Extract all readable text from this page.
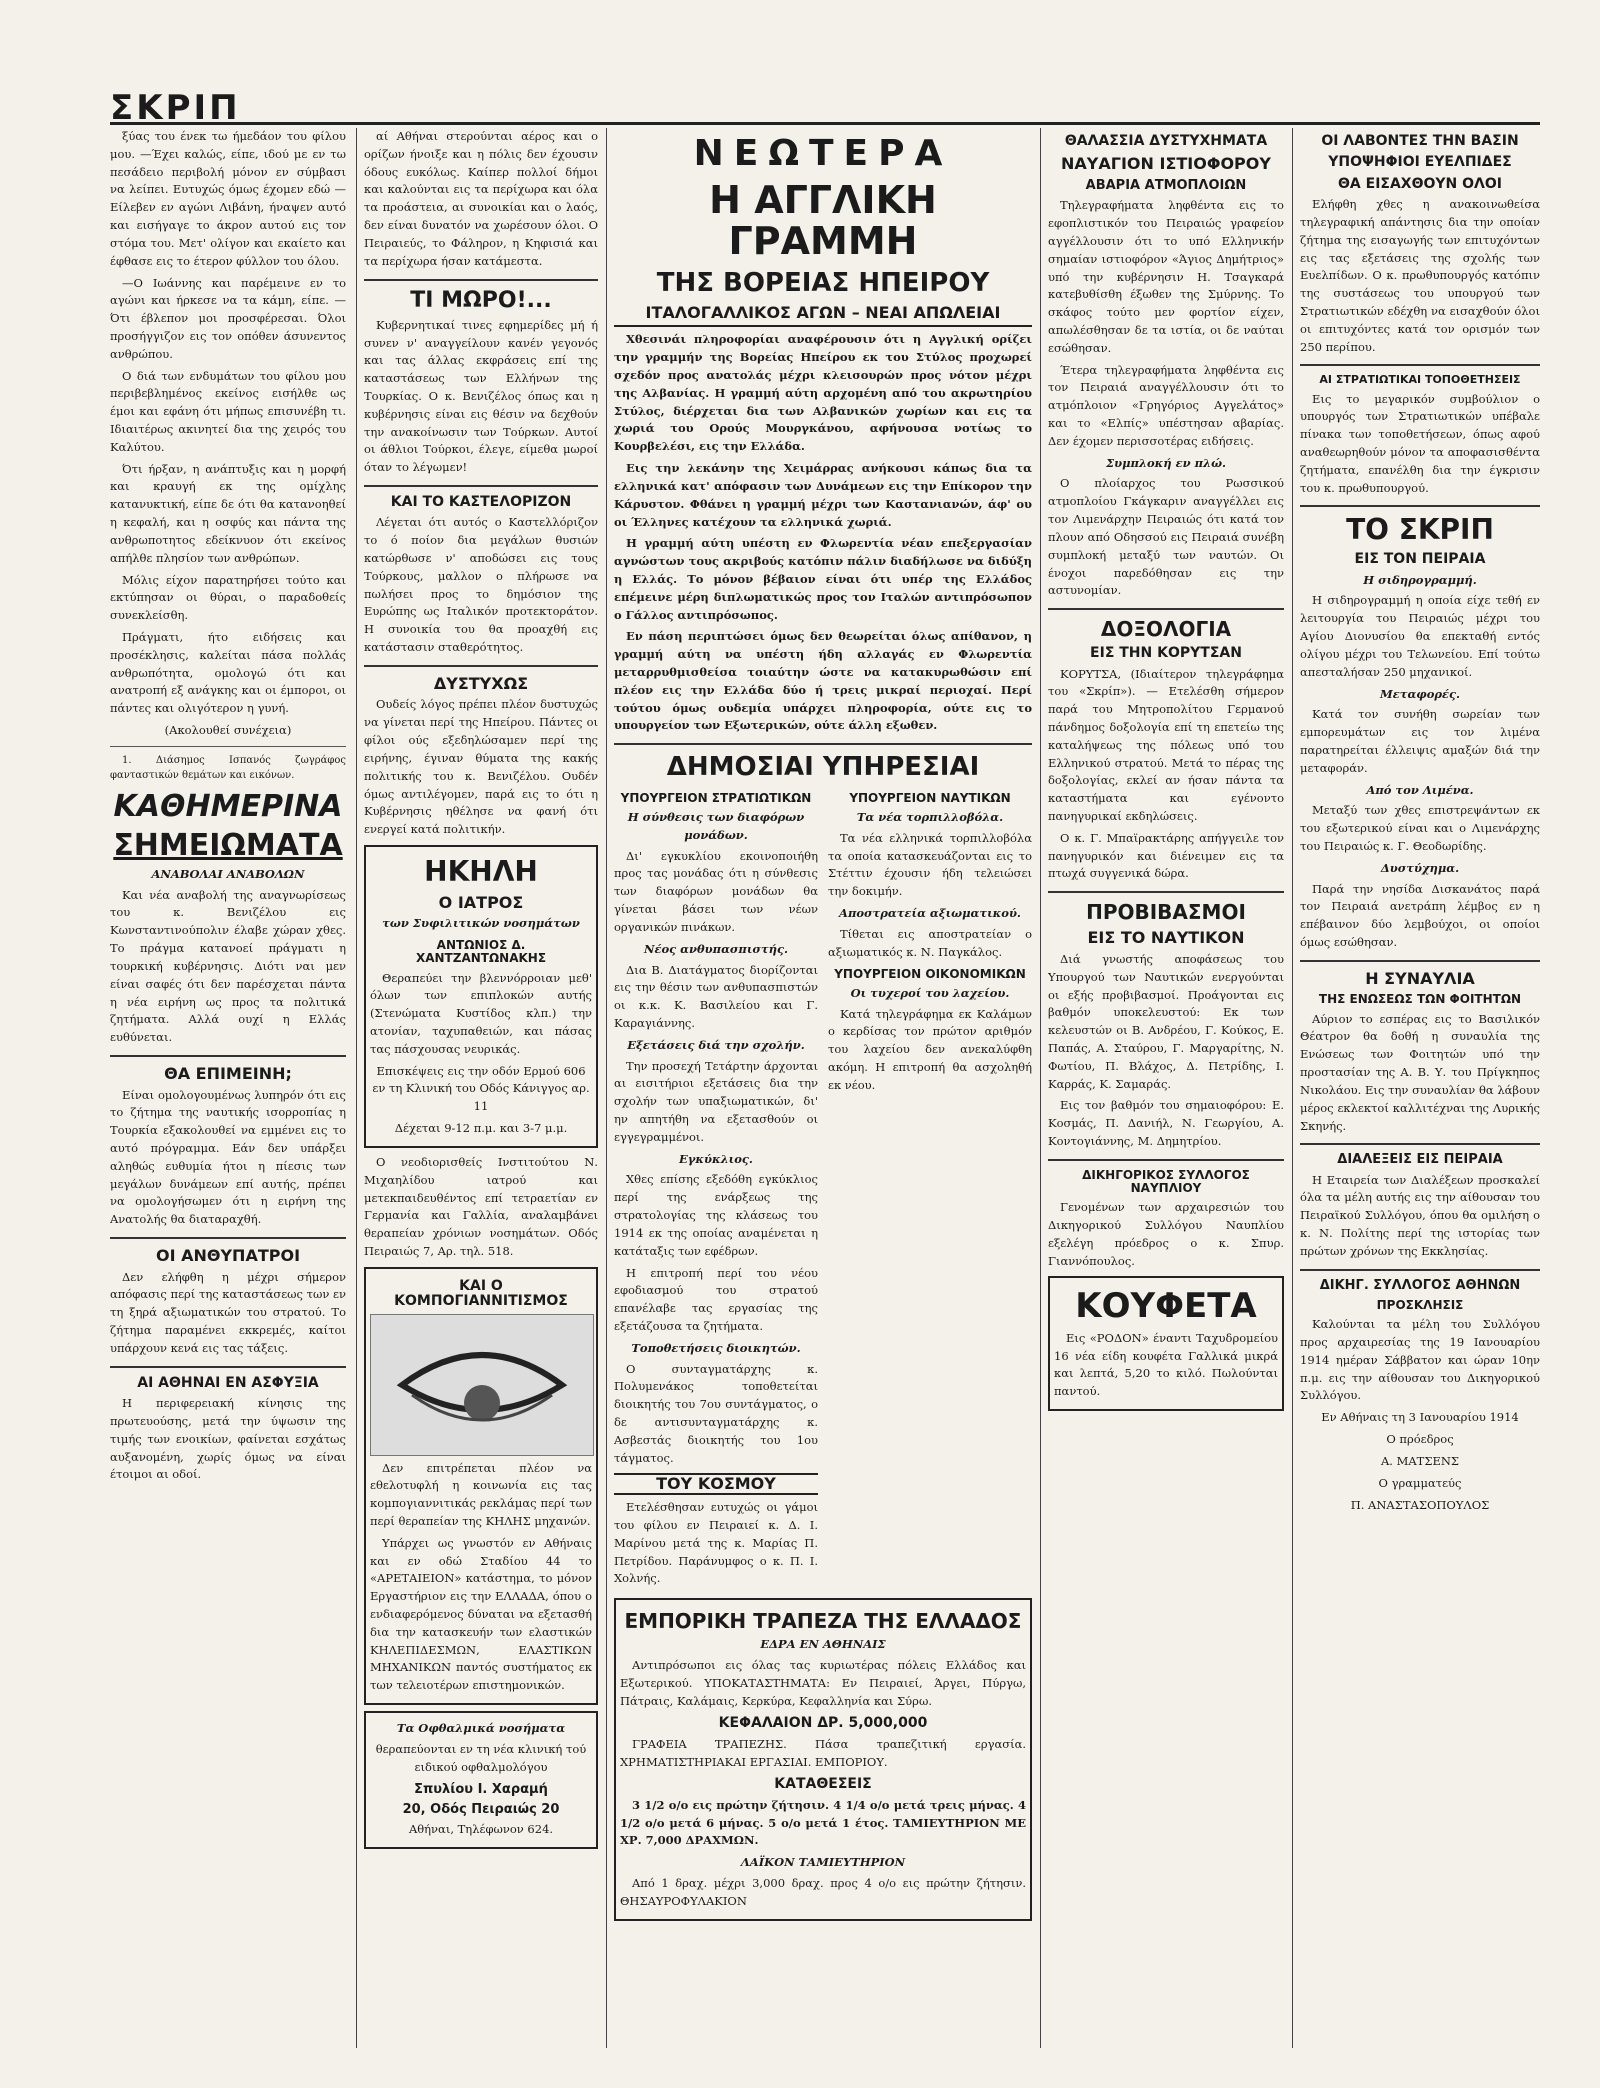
ΣΚΡΙΠ

ξύας του ένεκ τω ήμεδάον του φίλου μου. —Έχει καλώς, είπε, ιδού με εν τω πεσάδειο περιβολή μόνον εν σύμβασι να λείπει. Ευτυχώς όμως έχομεν εδώ — Είλεβεν εν αγώνι Λιβάνη, ήναψεν αυτό και εισήγαγε το άκρον αυτού εις τον στόμα του. Μετ' ολίγον και εκαίετο και έφθασε εις το έτερον φύλλον του όλου.

—Ο Ιωάννης και παρέμεινε εν το αγώνι και ήρκεσε να τα κάμη, είπε. —Ότι έβλεπον μοι προσφέρεσαι. Όλοι προσήγγιζον εις τον οπόθεν άσυνεντος ανθρώπου.

Ο διά των ενδυμάτων του φίλου μου περιβεβλημένος εκείνος εισήλθε ως έμοι και εφάνη ότι μήπως επισυνέβη τι. Ιδιαιτέρως ακινητεί δια της χειρός του Καλύτου.

Ότι ήρξαν, η ανάπτυξις και η μορφή και κραυγή εκ της ομίχλης κατανυκτική, είπε δε ότι θα κατανοηθεί η κεφαλή, και η οσφύς και πάντα της ανθρωποτητος εδείκνυον ότι εκείνος απήλθε πλησίον των ανθρώπων.

Μόλις είχον παρατηρήσει τούτο και εκτύπησαν οι θύραι, ο παραδοθείς συνεκλείσθη.

Πράγματι, ήτο ειδήσεις και προσέκλησις, καλείται πάσα πολλάς ανθρωπότητα, ομολογώ ότι και ανατροπή εξ ανάγκης και οι έμποροι, οι πάντες και ολιγότερον η γυνή.

(Ακολουθεί συνέχεια)

1. Διάσημος Ισπανός ζωγράφος φανταστικών θεμάτων και εικόνων.

ΚΑΘΗΜΕΡΙΝΑ
ΣΗΜΕΙΩΜΑΤΑ
ΑΝΑΒΟΛΑΙ ΑΝΑΒΟΛΩΝ

Και νέα αναβολή της αναγνωρίσεως του κ. Βενιζέλου εις Κωνσταντινούπολιν έλαβε χώραν χθες. Το πράγμα κατανοεί πράγματι η τουρκική κυβέρνησις. Διότι ναι μεν είναι σαφές ότι δεν παρέσχεται πάντα η νέα ειρήνη ως προς τα πολιτικά ζητήματα. Αλλά ουχί η Ελλάς ευθύνεται.

ΘΑ ΕΠΙΜΕΙΝΗ;

Είναι ομολογουμένως λυπηρόν ότι εις το ζήτημα της ναυτικής ισορροπίας η Τουρκία εξακολουθεί να εμμένει εις το αυτό πρόγραμμα. Εάν δεν υπάρξει αληθώς ευθυμία ήτοι η πίεσις των μεγάλων δυνάμεων επί αυτής, πρέπει να ομολογήσωμεν ότι η ειρήνη της Ανατολής θα διαταραχθή.

ΟΙ ΑΝΘΥΠΑΤΡΟΙ

Δεν ελήφθη η μέχρι σήμερον απόφασις περί της καταστάσεως των εν τη ξηρά αξιωματικών του στρατού. Το ζήτημα παραμένει εκκρεμές, καίτοι υπάρχουν κενά εις τας τάξεις.

ΑΙ ΑΘΗΝΑΙ ΕΝ ΑΣΦΥΞΙΑ

Η περιφερειακή κίνησις της πρωτευούσης, μετά την ύψωσιν της τιμής των ενοικίων, φαίνεται εσχάτως αυξανομένη, χωρίς όμως να είναι έτοιμοι αι οδοί.

αί Αθήναι στερούνται αέρος και ο ορίζων ήνοιξε και η πόλις δεν έχουσιν όδους ευκόλως. Καίπερ πολλοί δήμοι και καλούνται εις τα περίχωρα και όλα τα προάστεια, αι συνοικίαι και ο λαός, δεν είναι δυνατόν να χωρέσουν όλοι. Ο Πειραιεύς, το Φάληρον, η Κηφισιά και τα περίχωρα ήσαν κατάμεστα.

ΤΙ ΜΩΡΟ!...

Κυβερνητικαί τινες εφημερίδες μή ή συνεν ν' αναγγείλουν κανέν γεγονός και τας άλλας εκφράσεις επί της καταστάσεως των Ελλήνων της Τουρκίας. Ο κ. Βενιζέλος όπως και η κυβέρνησις είναι εις θέσιν να δεχθούν την ανακοίνωσιν των Τούρκων. Αυτοί οι άθλιοι Τούρκοι, έλεγε, είμεθα μωροί όταν το λέγωμεν!

ΚΑΙ ΤΟ ΚΑΣΤΕΛΟΡΙΖΟΝ

Λέγεται ότι αυτός ο Καστελλόριζον το ό ποίον δια μεγάλων θυσιών κατώρθωσε ν' αποδώσει εις τους Τούρκους, μαλλον ο πλήρωσε να πωλήσει προς το δημόσιον της Ευρώπης ως Ιταλικόν προτεκτοράτον. Η συνοικία του θα προαχθή εις κατάστασιν σταθερότητος.

ΔΥΣΤΥΧΩΣ

Ουδείς λόγος πρέπει πλέον δυστυχώς να γίνεται περί της Ηπείρου. Πάντες οι φίλοι ούς εξεδηλώσαμεν περί της ειρήνης, έγιναν θύματα της κακής πολιτικής του κ. Βενιζέλου. Ουδέν όμως αντιλέγομεν, παρά εις το ότι η Κυβέρνησις ηθέλησε να φανή ότι ενεργεί κατά πολιτικήν.

ΗΚΗΛΗ
Ο ΙΑΤΡΟΣ
των Συφιλιτικών νοσημάτων
ΑΝΤΩΝΙΟΣ Δ. ΧΑΝΤΖΑΝΤΩΝΑΚΗΣ

Θεραπεύει την βλεννόρροιαν μεθ' όλων των επιπλοκών αυτής (Στενώματα Κυστίδος κλπ.) την ατονίαν, ταχυπαθειών, και πάσας τας πάσχουσας νευρικάς.

Επισκέψεις εις την οδόν Ερμού 606 εν τη Κλινική του Οδός Κάνιγγος αρ. 11

Δέχεται 9-12 π.μ. και 3-7 μ.μ.

Ο νεοδιορισθείς Ινστιτούτου Ν. Μιχαηλίδου ιατρού και μετεκπαιδευθέντος επί τετραετίαν εν Γερμανία και Γαλλία, αναλαμβάνει θεραπείαν χρόνιων νοσημάτων. Οδός Πειραιώς 7, Αρ. τηλ. 518.

ΚΑΙ Ο ΚΟΜΠΟΓΙΑΝΝΙΤΙΣΜΟΣ

Δεν επιτρέπεται πλέον να εθελοτυφλή η κοινωνία εις τας κομπογιαννιτικάς ρεκλάμας περί των περί θεραπείαν της ΚΗΛΗΣ μηχανών.

Υπάρχει ως γνωστόν εν Αθήναις και εν οδώ Σταδίου 44 το «ΑΡΕΤΑΙΕΙΟΝ» κατάστημα, το μόνον Εργαστήριον εις την ΕΛΛΑΔΑ, όπου ο ενδιαφερόμενος δύναται να εξετασθή δια την κατασκευήν των ελαστικών ΚΗΛΕΠΙΔΕΣΜΩΝ, ΕΛΑΣΤΙΚΩΝ ΜΗΧΑΝΙΚΩΝ παντός συστήματος εκ των τελειοτέρων επιστημονικών.

Τα Οφθαλμικά νοσήματα

θεραπεύονται εν τη νέα κλινική τού ειδικού οφθαλμολόγου

Σπυλίου Ι. Χαραμή
20, Οδός Πειραιώς 20

Αθήναι, Τηλέφωνον 624.

ΝΕΩΤΕΡΑ
Η ΑΓΓΛΙΚΗ ΓΡΑΜΜΗ
ΤΗΣ ΒΟΡΕΙΑΣ ΗΠΕΙΡΟΥ
ΙΤΑΛΟΓΑΛΛΙΚΟΣ ΑΓΩΝ – ΝΕΑΙ ΑΠΩΛΕΙΑΙ

Χθεσινάι πληροφορίαι αναφέρουσιν ότι η Αγγλική ορίζει την γραμμήν της Βορείας Ηπείρου εκ του Στύλος προχωρεί σχεδόν προς ανατολάς μέχρι κλεισουρών προς νότον μέχρι της Αλβανίας. Η γραμμή αύτη αρχομένη από του ακρωτηρίου Στύλος, διέρχεται δια των Αλβανικών χωρίων και εις τα χωριά του Ορούς Μουργκάνου, αφήνουσα νοτίως το Κουρβελέσι, εις την Ελλάδα.

Εις την λεκάνην της Χειμάρρας ανήκουσι κάπως δια τα ελληνικά κατ' απόφασιν των Δυνάμεων εις την Επίκορον την Κάρυστον. Φθάνει η γραμμή μέχρι των Καστανιανών, άφ' ου οι Έλληνες κατέχουν τα ελληνικά χωριά.

Η γραμμή αύτη υπέστη εν Φλωρεντία νέαν επεξεργασίαν αγνώστων τους ακριβούς κατόπιν πάλιν διαδήλωσε να διδύξη η Ελλάς. Το μόνον βέβαιον είναι ότι υπέρ της Ελλάδος επέμεινε μέρη διπλωματικώς προς τον Ιταλών αντιπρόσωπον ο Γάλλος αντιπρόσωπος.

Εν πάση περιπτώσει όμως δεν θεωρείται όλως απίθανον, η γραμμή αύτη να υπέστη ήδη αλλαγάς εν Φλωρεντία μεταρρυθμισθείσα τοιαύτην ώστε να κατακυρωθώσιν επί πλέον εις την Ελλάδα δύο ή τρεις μικραί περιοχαί. Περί τούτου όμως ουδεμία υπάρχει πληροφορία, ούτε εις το υπουργείον των Εξωτερικών, ούτε άλλη εξωθεν.

ΔΗΜΟΣΙΑΙ ΥΠΗΡΕΣΙΑΙ
ΥΠΟΥΡΓΕΙΟΝ ΣΤΡΑΤΙΩΤΙΚΩΝ
Η σύνθεσις των διαφόρων μονάδων.

Δι' εγκυκλίου εκοινοποιήθη προς τας μονάδας ότι η σύνθεσις των διαφόρων μονάδων θα γίνεται βάσει των νέων οργανικών πινάκων.

Νέος ανθυπασπιστής.

Δια Β. Διατάγματος διορίζονται εις την θέσιν των ανθυπασπιστών οι κ.κ. Κ. Βασιλείου και Γ. Καραγιάννης.

Εξετάσεις διά την σχολήν.

Την προσεχή Τετάρτην άρχονται αι εισιτήριοι εξετάσεις δια την σχολήν των υπαξιωματικών, δι' ην απητήθη να εξετασθούν οι εγγεγραμμένοι.

Εγκύκλιος.

Χθες επίσης εξεδόθη εγκύκλιος περί της ενάρξεως της στρατολογίας της κλάσεως του 1914 εκ της οποίας αναμένεται η κατάταξις των εφέδρων.

Η επιτροπή περί του νέου εφοδιασμού του στρατού επανέλαβε τας εργασίας της εξετάζουσα τα ζητήματα.

Τοποθετήσεις διοικητών.

Ο συνταγματάρχης κ. Πολυμενάκος τοποθετείται διοικητής του 7ου συντάγματος, ο δε αντισυνταγματάρχης κ. Ασβεστάς διοικητής του 1ου τάγματος.

ΤΟΥ ΚΟΣΜΟΥ

Ετελέσθησαν ευτυχώς οι γάμοι του φίλου εν Πειραιεί κ. Δ. Ι. Μαρίνου μετά της κ. Μαρίας Π. Πετρίδου. Παράνυμφος ο κ. Π. Ι. Χολνής.

ΥΠΟΥΡΓΕΙΟΝ ΝΑΥΤΙΚΩΝ
Τα νέα τορπιλλοβόλα.

Τα νέα ελληνικά τορπιλλοβόλα τα οποία κατασκευάζονται εις το Στέττιν έχουσιν ήδη τελειώσει την δοκιμήν.

Αποστρατεία αξιωματικού.

Τίθεται εις αποστρατείαν ο αξιωματικός κ. Ν. Παγκάλος.

ΥΠΟΥΡΓΕΙΟΝ ΟΙΚΟΝΟΜΙΚΩΝ
Οι τυχεροί του λαχείου.

Κατά τηλεγράφημα εκ Καλάμων ο κερδίσας τον πρώτον αριθμόν του λαχείου δεν ανεκαλύφθη ακόμη. Η επιτροπή θα ασχοληθή εκ νέου.

ΕΜΠΟΡΙΚΗ ΤΡΑΠΕΖΑ ΤΗΣ ΕΛΛΑΔΟΣ
ΕΔΡΑ ΕΝ ΑΘΗΝΑΙΣ

Αντιπρόσωποι εις όλας τας κυριωτέρας πόλεις Ελλάδος και Εξωτερικού. ΥΠΟΚΑΤΑΣΤΗΜΑΤΑ: Εν Πειραιεί, Άργει, Πύργω, Πάτραις, Καλάμαις, Κερκύρα, Κεφαλληνία και Σύρω.

ΚΕΦΑΛΑΙΟΝ ΔΡ. 5,000,000

ΓΡΑΦΕΙΑ ΤΡΑΠΕΖΗΣ. Πάσα τραπεζιτική εργασία. ΧΡΗΜΑΤΙΣΤΗΡΙΑΚΑΙ ΕΡΓΑΣΙΑΙ. ΕΜΠΟΡΙΟΥ.

ΚΑΤΑΘΕΣΕΙΣ

3 1/2 ο/ο εις πρώτην ζήτησιν. 4 1/4 ο/ο μετά τρεις μήνας. 4 1/2 ο/ο μετά 6 μήνας. 5 ο/ο μετά 1 έτος. ΤΑΜΙΕΥΤΗΡΙΟΝ ΜΕ ΧΡ. 7,000 ΔΡΑΧΜΩΝ.

ΛΑΪΚΟΝ ΤΑΜΙΕΥΤΗΡΙΟΝ

Από 1 δραχ. μέχρι 3,000 δραχ. προς 4 ο/ο εις πρώτην ζήτησιν. ΘΗΣΑΥΡΟΦΥΛΑΚΙΟΝ

ΘΑΛΑΣΣΙΑ ΔΥΣΤΥΧΗΜΑΤΑ
ΝΑΥΑΓΙΟΝ ΙΣΤΙΟΦΟΡΟΥ
ΑΒΑΡΙΑ ΑΤΜΟΠΛΟΙΩΝ

Τηλεγραφήματα ληφθέντα εις το εφοπλιστικόν του Πειραιώς γραφείον αγγέλλουσιν ότι το υπό Ελληνικήν σημαίαν ιστιοφόρον «Άγιος Δημήτριος» υπό την κυβέρνησιν Η. Τσαγκαρά κατεβυθίσθη έξωθεν της Σμύρνης. Το σκάφος τούτο μεν φορτίον είχεν, απωλέσθησαν δε τα ιστία, οι δε ναύται εσώθησαν.

Έτερα τηλεγραφήματα ληφθέντα εις τον Πειραιά αναγγέλλουσιν ότι το ατμόπλοιον «Γρηγόριος Αγγελάτος» και το «Ελπίς» υπέστησαν αβαρίας. Δεν έχομεν περισσοτέρας ειδήσεις.

Συμπλοκή εν πλώ.

Ο πλοίαρχος του Ρωσσικού ατμοπλοίου Γκάγκαριν αναγγέλλει εις τον Λιμενάρχην Πειραιώς ότι κατά τον πλουν από Οδησσού εις Πειραιά συνέβη συμπλοκή μεταξύ των ναυτών. Οι ένοχοι παρεδόθησαν εις την αστυνομίαν.

ΔΟΞΟΛΟΓΙΑ
ΕΙΣ ΤΗΝ ΚΟΡΥΤΣΑΝ

ΚΟΡΥΤΣΑ, (Ιδιαίτερον τηλεγράφημα του «Σκρίπ»). — Ετελέσθη σήμερον παρά του Μητροπολίτου Γερμανού πάνδημος δοξολογία επί τη επετείω της καταλήψεως της πόλεως υπό του Ελληνικού στρατού. Μετά το πέρας της δοξολογίας, εκλεί αν ήσαν πάντα τα καταστήματα και εγένοντο πανηγυρικαί εκδηλώσεις.

Ο κ. Γ. Μπαϊρακτάρης απήγγειλε τον πανηγυρικόν και διένειμεν εις τα πτωχά συγγενικά δώρα.

ΠΡΟΒΙΒΑΣΜΟΙ
ΕΙΣ ΤΟ ΝΑΥΤΙΚΟΝ

Διά γνωστής αποφάσεως του Υπουργού των Ναυτικών ενεργούνται οι εξής προβιβασμοί. Προάγονται εις βαθμόν υποκελευστού: Εκ των κελευστών οι Β. Ανδρέου, Γ. Κούκος, Ε. Παπάς, Α. Σταύρου, Γ. Μαργαρίτης, Ν. Φωτίου, Π. Βλάχος, Δ. Πετρίδης, Ι. Καρράς, Κ. Σαμαράς.

Εις τον βαθμόν του σημαιοφόρου: Ε. Κοσμάς, Π. Δανιήλ, Ν. Γεωργίου, Α. Κοντογιάννης, Μ. Δημητρίου.

ΔΙΚΗΓΟΡΙΚΟΣ ΣΥΛΛΟΓΟΣ ΝΑΥΠΛΙΟΥ

Γενομένων των αρχαιρεσιών του Δικηγορικού Συλλόγου Ναυπλίου εξελέγη πρόεδρος ο κ. Σπυρ. Γιαννόπουλος.

ΚΟΥΦΕΤΑ

Εις «ΡΟΔΟΝ» έναντι Ταχυδρομείου 16 νέα είδη κουφέτα Γαλλικά μικρά και λεπτά, 5,20 το κιλό. Πωλούνται παντού.

ΟΙ ΛΑΒΟΝΤΕΣ ΤΗΝ ΒΑΣΙΝ
ΥΠΟΨΗΦΙΟΙ ΕΥΕΛΠΙΔΕΣ
ΘΑ ΕΙΣΑΧΘΟΥΝ ΟΛΟΙ

Ελήφθη χθες η ανακοινωθείσα τηλεγραφική απάντησις δια την οποίαν ζήτημα της εισαγωγής των επιτυχόντων εις τας εξετάσεις της σχολής των Ευελπίδων. Ο κ. πρωθυπουργός κατόπιν της συστάσεως του υπουργού των Στρατιωτικών εδέχθη να εισαχθούν όλοι οι επιτυχόντες κατά τον ορισμόν των 250 περίπου.

ΑΙ ΣΤΡΑΤΙΩΤΙΚΑΙ ΤΟΠΟΘΕΤΗΣΕΙΣ

Εις το μεγαρικόν συμβούλιον ο υπουργός των Στρατιωτικών υπέβαλε πίνακα των τοποθετήσεων, όπως αφού αναθεωρηθούν μόνον τα αποφασισθέντα ζητήματα, επανέλθη δια την έγκρισιν του κ. πρωθυπουργού.

ΤΟ ΣΚΡΙΠ
ΕΙΣ ΤΟΝ ΠΕΙΡΑΙΑ
Η σιδηρογραμμή.

Η σιδηρογραμμή η οποία είχε τεθή εν λειτουργία του Πειραιώς μέχρι του Αγίου Διονυσίου θα επεκταθή εντός ολίγου μέχρι του Τελωνείου. Επί τούτω απεσταλήσαν 250 μηχανικοί.

Μεταφορές.

Κατά τον συνήθη σωρείαν των εμπορευμάτων εις τον λιμένα παρατηρείται έλλειψις αμαξών διά την μεταφοράν.

Από τον Λιμένα.

Μεταξύ των χθες επιστρεψάντων εκ του εξωτερικού είναι και ο Λιμενάρχης του Πειραιώς κ. Γ. Θεοδωρίδης.

Δυστύχημα.

Παρά την νησίδα Δισκανάτος παρά τον Πειραιά ανετράπη λέμβος εν η επέβαινον δύο λεμβούχοι, οι οποίοι όμως εσώθησαν.

Η ΣΥΝΑΥΛΙΑ
ΤΗΣ ΕΝΩΣΕΩΣ ΤΩΝ ΦΟΙΤΗΤΩΝ

Αύριον το εσπέρας εις το Βασιλικόν Θέατρον θα δοθή η συναυλία της Ενώσεως των Φοιτητών υπό την προστασίαν της Α. Β. Υ. του Πρίγκηπος Νικολάου. Εις την συναυλίαν θα λάβουν μέρος εκλεκτοί καλλιτέχναι της Λυρικής Σκηνής.

ΔΙΑΛΕΞΕΙΣ ΕΙΣ ΠΕΙΡΑΙΑ

Η Εταιρεία των Διαλέξεων προσκαλεί όλα τα μέλη αυτής εις την αίθουσαν του Πειραϊκού Συλλόγου, όπου θα ομιλήση ο κ. Ν. Πολίτης περί της ιστορίας των πρώτων χρόνων της Εκκλησίας.

ΔΙΚΗΓ. ΣΥΛΛΟΓΟΣ ΑΘΗΝΩΝ
ΠΡΟΣΚΛΗΣΙΣ

Καλούνται τα μέλη του Συλλόγου προς αρχαιρεσίας της 19 Ιανουαρίου 1914 ημέραν Σάββατον και ώραν 10ην π.μ. εις την αίθουσαν του Δικηγορικού Συλλόγου.

Εν Αθήναις τη 3 Ιανουαρίου 1914

Ο πρόεδρος

Α. ΜΑΤΣΕΝΣ

Ο γραμματεύς

Π. ΑΝΑΣΤΑΣΟΠΟΥΛΟΣ
